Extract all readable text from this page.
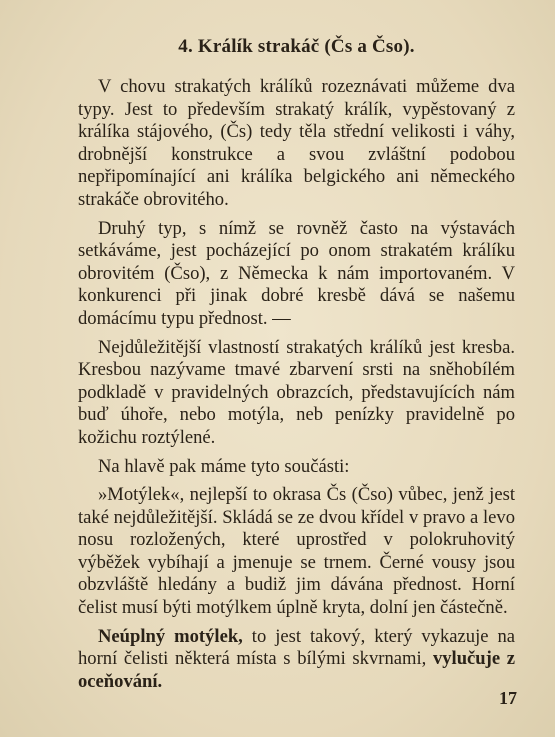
4. Králík strakáč (Čs a Čso).

V chovu strakatých králíků rozeznávati můžeme dva typy. Jest to především strakatý králík, vypěstovaný z králíka stájového, (Čs) tedy těla střední velikosti i váhy, drobnější konstrukce a svou zvláštní podobou nepřipomínající ani králíka belgického ani německého strakáče obrovitého.

Druhý typ, s nímž se rovněž často na výstavách setkáváme, jest pocházející po onom strakatém králíku obrovitém (Čso), z Německa k nám importovaném. V konkurenci při jinak dobré kresbě dává se našemu domácímu typu přednost. —

Nejdůležitější vlastností strakatých králíků jest kresba. Kresbou nazývame tmavé zbarvení srsti na sněhobílém podkladě v pravidelných obrazcích, představujících nám buď úhoře, nebo motýla, neb penízky pravidelně po kožichu roztýlené.

Na hlavě pak máme tyto součásti:

»Motýlek«, nejlepší to okrasa Čs (Čso) vůbec, jenž jest také nejdůležitější. Skládá se ze dvou křídel v pravo a levo nosu rozložených, které uprostřed v polokruhovitý výběžek vybíhají a jmenuje se trnem. Černé vousy jsou obzvláště hledány a budiž jim dávána přednost. Horní čelist musí býti motýlkem úplně kryta, dolní jen částečně.

Neúplný motýlek, to jest takový, který vykazuje na horní čelisti některá místa s bílými skvrnami, vylučuje z oceňování.

17
